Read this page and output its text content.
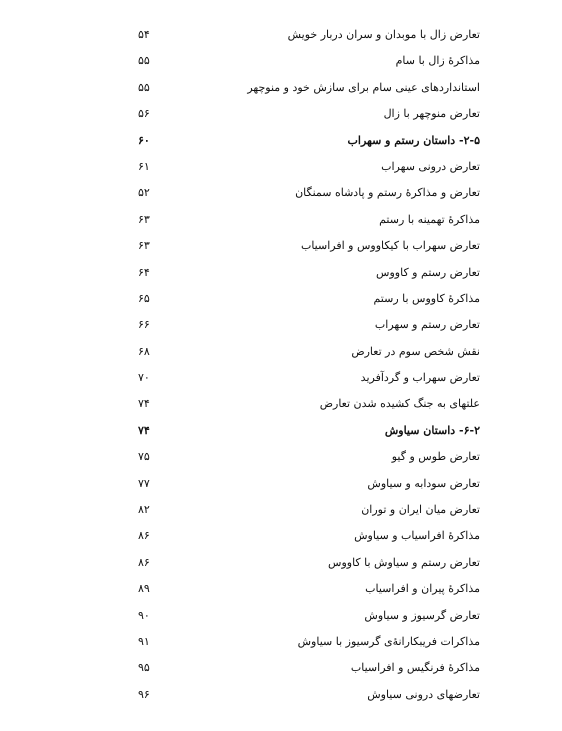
۵۴	تعارض زال با موبدان و سران دربار خویش
۵۵	مذاکرۀ زال با سام
۵۵	استانداردهای عینی سام برای سازش خود و منوچهر
۵۶	تعارض منوچهر با زال
۶۰	۲-۵- داستان رستم و سهراب
۶۱	تعارض درونی سهراب
۵۲	تعارض و مذاکرۀ رستم و پادشاه سمنگان
۶۳	مذاکرۀ تهمینه با رستم
۶۳	تعارض سهراب با کیکاووس و افراسیاب
۶۴	تعارض رستم و کاووس
۶۵	مذاکرۀ کاووس با رستم
۶۶	تعارض رستم و سهراب
۶۸	نقش شخص سوم در تعارض
۷۰	تعارض سهراب و گردآفرید
۷۴	علتهای به جنگ کشیده شدن تعارض
۷۴	۶-۲- داستان سیاوش
۷۵	تعارض طوس و گیو
۷۷	تعارض سودابه و سیاوش
۸۲	تعارض میان ایران و توران
۸۶	مذاکرۀ افراسیاب و سیاوش
۸۶	تعارض رستم و سیاوش با کاووس
۸۹	مذاکرۀ پیران و افراسیاب
۹۰	تعارض گرسیوز و سیاوش
۹۱	مذاکرات فریبکارانۀی گرسیوز با سیاوش
۹۵	مذاکرۀ فرنگیس و افراسیاب
۹۶	تعارضهای درونی سیاوش
